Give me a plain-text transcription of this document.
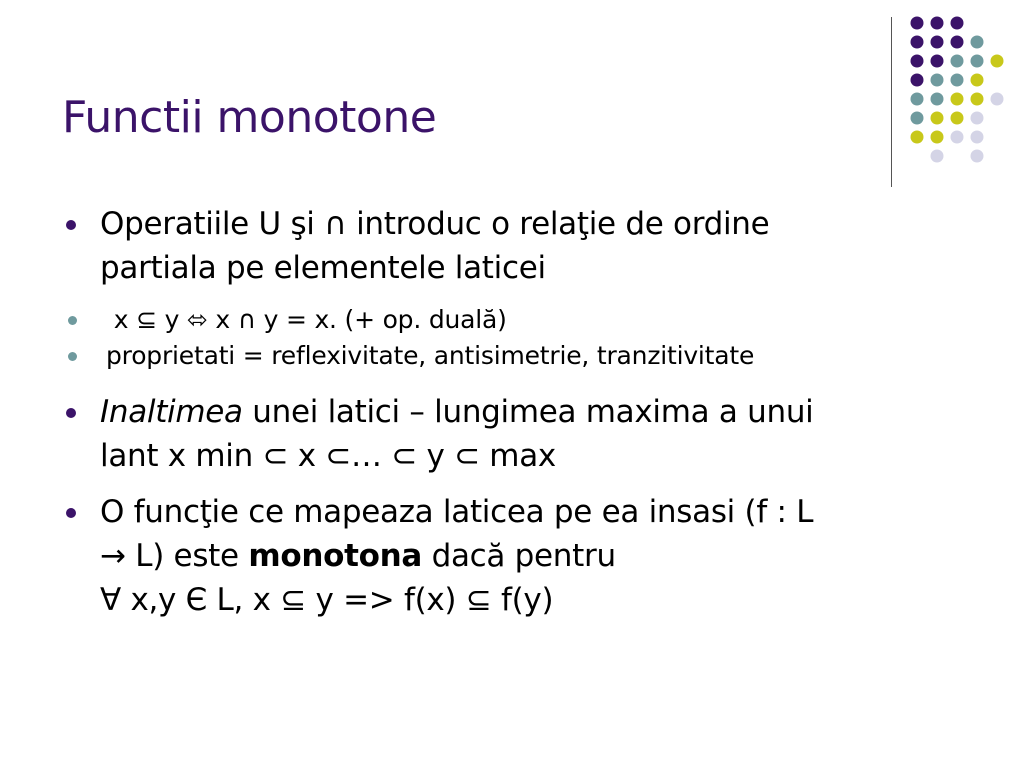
Functii monotone
Operatiile U şi ∩ introduc o relaţie de ordine
partiala pe elementele laticei
x ⊆ y ⬄ x ∩ y = x. (+ op. duală)
proprietati = reflexivitate, antisimetrie, tranzitivitate
Inaltimea unei latici – lungimea maxima a unui
lant x min ⊂ x ⊂… ⊂ y ⊂ max
O funcţie ce mapeaza laticea pe ea insasi (f : L
→ L) este monotona dacă pentru
∀ x,y Є L, x ⊆ y => f(x) ⊆ f(y)
